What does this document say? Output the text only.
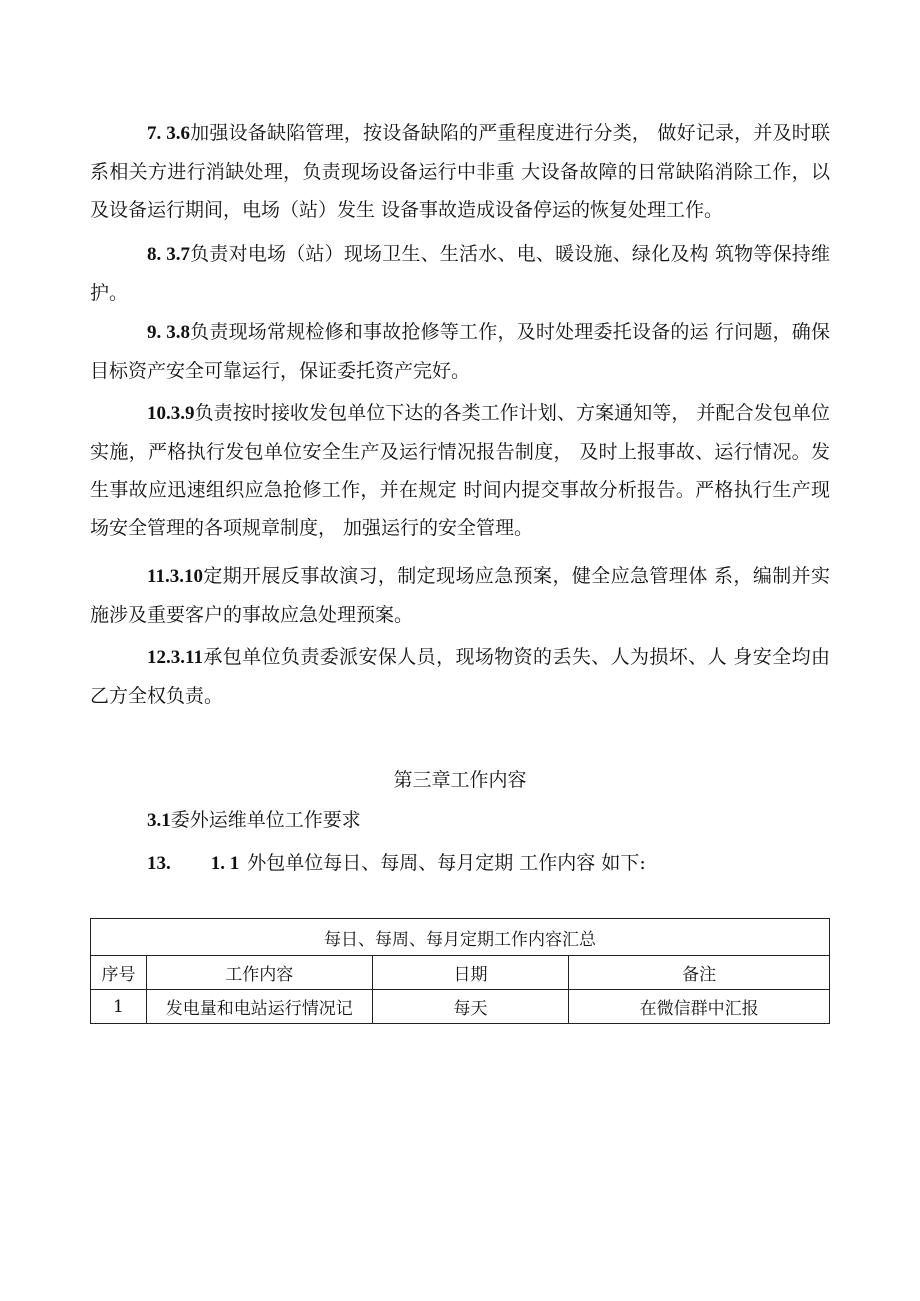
7. 3.6加强设备缺陷管理，按设备缺陷的严重程度进行分类， 做好记录，并及时联系相关方进行消缺处理，负责现场设备运行中非重 大设备故障的日常缺陷消除工作，以及设备运行期间，电场（站）发生 设备事故造成设备停运的恢复处理工作。

8. 3.7负责对电场（站）现场卫生、生活水、电、暖设施、绿化及构 筑物等保持维护。

9. 3.8负责现场常规检修和事故抢修等工作，及时处理委托设备的运 行问题，确保目标资产安全可靠运行，保证委托资产完好。

10.3.9负责按时接收发包单位下达的各类工作计划、方案通知等， 并配合发包单位实施，严格执行发包单位安全生产及运行情况报告制度， 及时上报事故、运行情况。发生事故应迅速组织应急抢修工作，并在规定 时间内提交事故分析报告。严格执行生产现场安全管理的各项规章制度， 加强运行的安全管理。

11.3.10定期开展反事故演习，制定现场应急预案，健全应急管理体 系，编制并实施涉及重要客户的事故应急处理预案。

12.3.11承包单位负责委派安保人员，现场物资的丢失、人为损坏、人 身安全均由乙方全权负责。

第三章工作内容

3.1委外运维单位工作要求

13. 1. 1 外包单位每日、每周、每月定期 工作内容 如下:

每日、每周、每月定期工作内容汇总			
序号	工作内容	日期	备注
1	发电量和电站运行情况记	每天	在微信群中汇报
